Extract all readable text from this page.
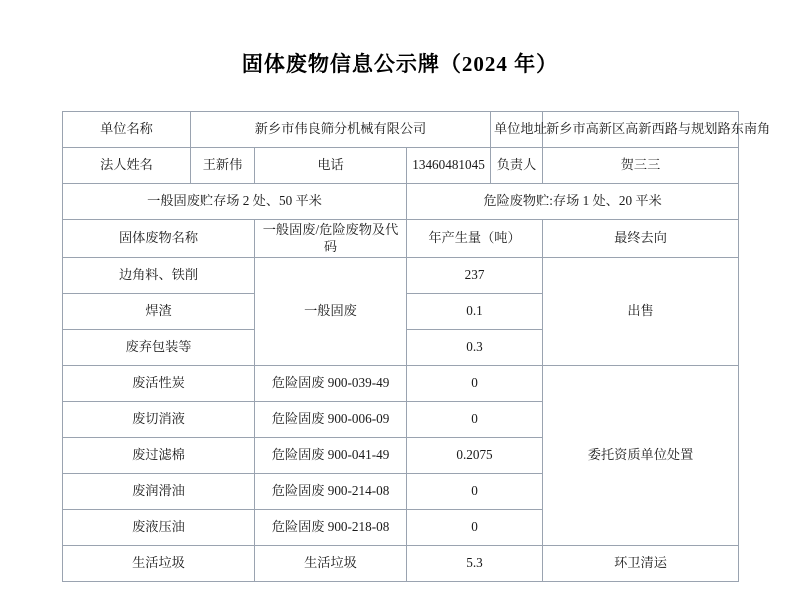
固体废物信息公示牌（2024 年）
单位名称	新乡市伟良筛分机械有限公司			单位地址	新乡市高新区高新西路与规划路东南角
法人姓名	王新伟	电话	13460481045	负责人	贺三三
一般固废贮存场 2 处、50 平米		危险废物贮:存场 1 处、20 平米	
固体废物名称	一般固废/危险废物及代码	年产生量（吨）	最终去向
边角料、铁削	一般固废	237	出售
焊渣		0.1	
废弃包装等		0.3	
废活性炭	危险固废 900-039-49	0	委托资质单位处置
废切消液	危险固废 900-006-09	0	
废过滤棉	危险固废 900-041-49	0.2075	
废润滑油	危险固废 900-214-08	0	
废液压油	危险固废 900-218-08	0	
生活垃圾	生活垃圾	5.3	环卫清运
